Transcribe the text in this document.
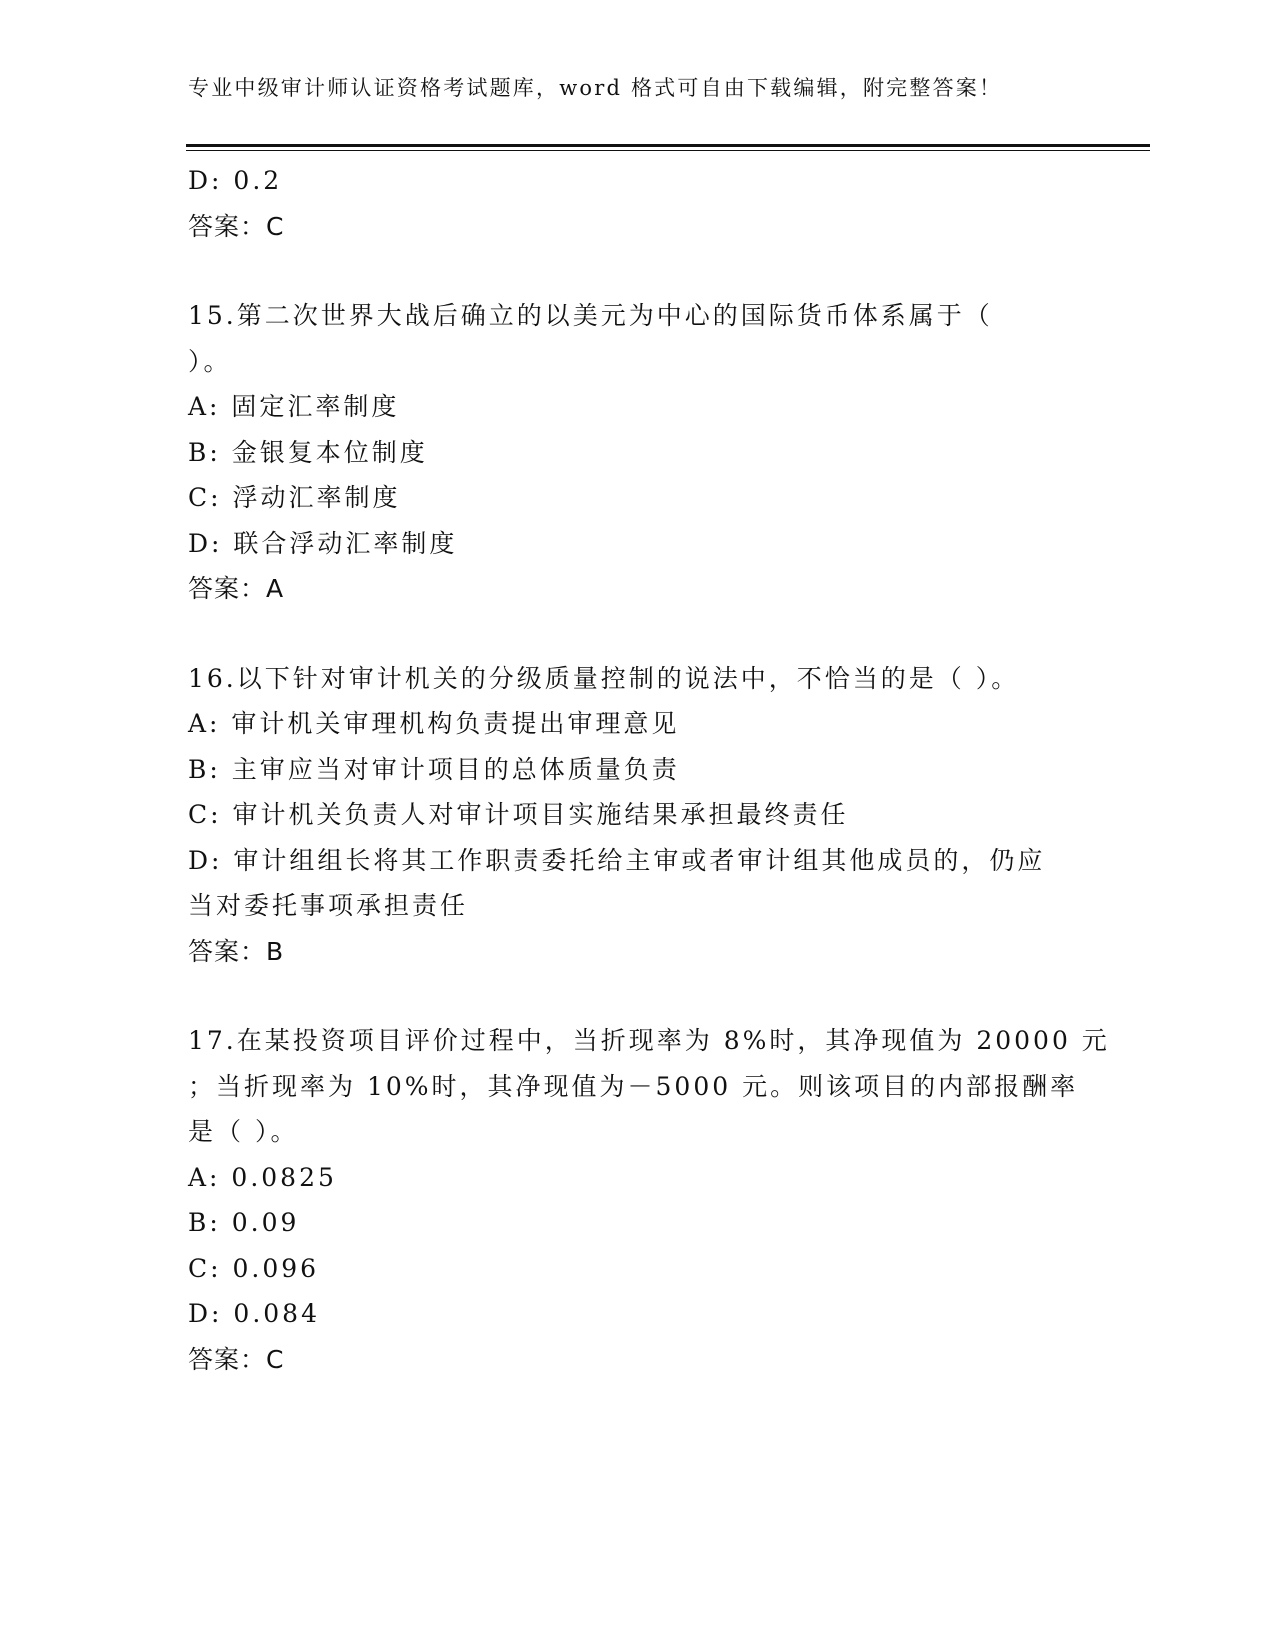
专业中级审计师认证资格考试题库，word 格式可自由下载编辑，附完整答案！
D: 0.2
答案：C
15.第二次世界大战后确立的以美元为中心的国际货币体系属于（
）。
A: 固定汇率制度
B: 金银复本位制度
C: 浮动汇率制度
D: 联合浮动汇率制度
答案：A
16.以下针对审计机关的分级质量控制的说法中，不恰当的是（ ）。
A: 审计机关审理机构负责提出审理意见
B: 主审应当对审计项目的总体质量负责
C: 审计机关负责人对审计项目实施结果承担最终责任
D: 审计组组长将其工作职责委托给主审或者审计组其他成员的，仍应
当对委托事项承担责任
答案：B
17.在某投资项目评价过程中，当折现率为 8%时，其净现值为 20000 元
；当折现率为 10%时，其净现值为－5000 元。则该项目的内部报酬率
是（ ）。
A: 0.0825
B: 0.09
C: 0.096
D: 0.084
答案：C
